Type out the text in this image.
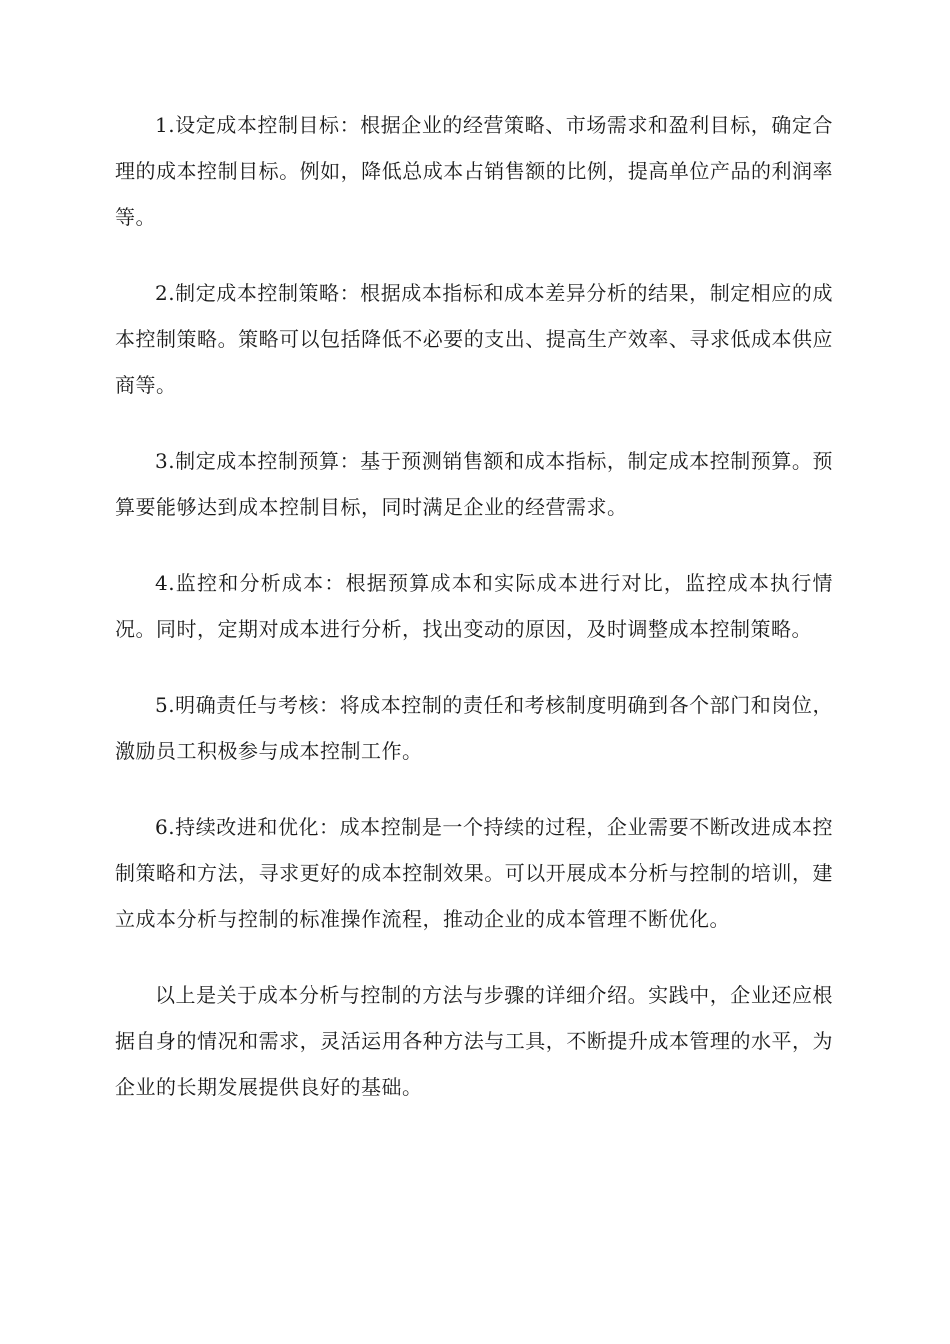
1.设定成本控制目标：根据企业的经营策略、市场需求和盈利目标，确定合理的成本控制目标。例如，降低总成本占销售额的比例，提高单位产品的利润率等。

2.制定成本控制策略：根据成本指标和成本差异分析的结果，制定相应的成本控制策略。策略可以包括降低不必要的支出、提高生产效率、寻求低成本供应商等。

3.制定成本控制预算：基于预测销售额和成本指标，制定成本控制预算。预算要能够达到成本控制目标，同时满足企业的经营需求。

4.监控和分析成本：根据预算成本和实际成本进行对比，监控成本执行情况。同时，定期对成本进行分析，找出变动的原因，及时调整成本控制策略。

5.明确责任与考核：将成本控制的责任和考核制度明确到各个部门和岗位，激励员工积极参与成本控制工作。

6.持续改进和优化：成本控制是一个持续的过程，企业需要不断改进成本控制策略和方法，寻求更好的成本控制效果。可以开展成本分析与控制的培训，建立成本分析与控制的标准操作流程，推动企业的成本管理不断优化。

以上是关于成本分析与控制的方法与步骤的详细介绍。实践中，企业还应根据自身的情况和需求，灵活运用各种方法与工具，不断提升成本管理的水平，为企业的长期发展提供良好的基础。
